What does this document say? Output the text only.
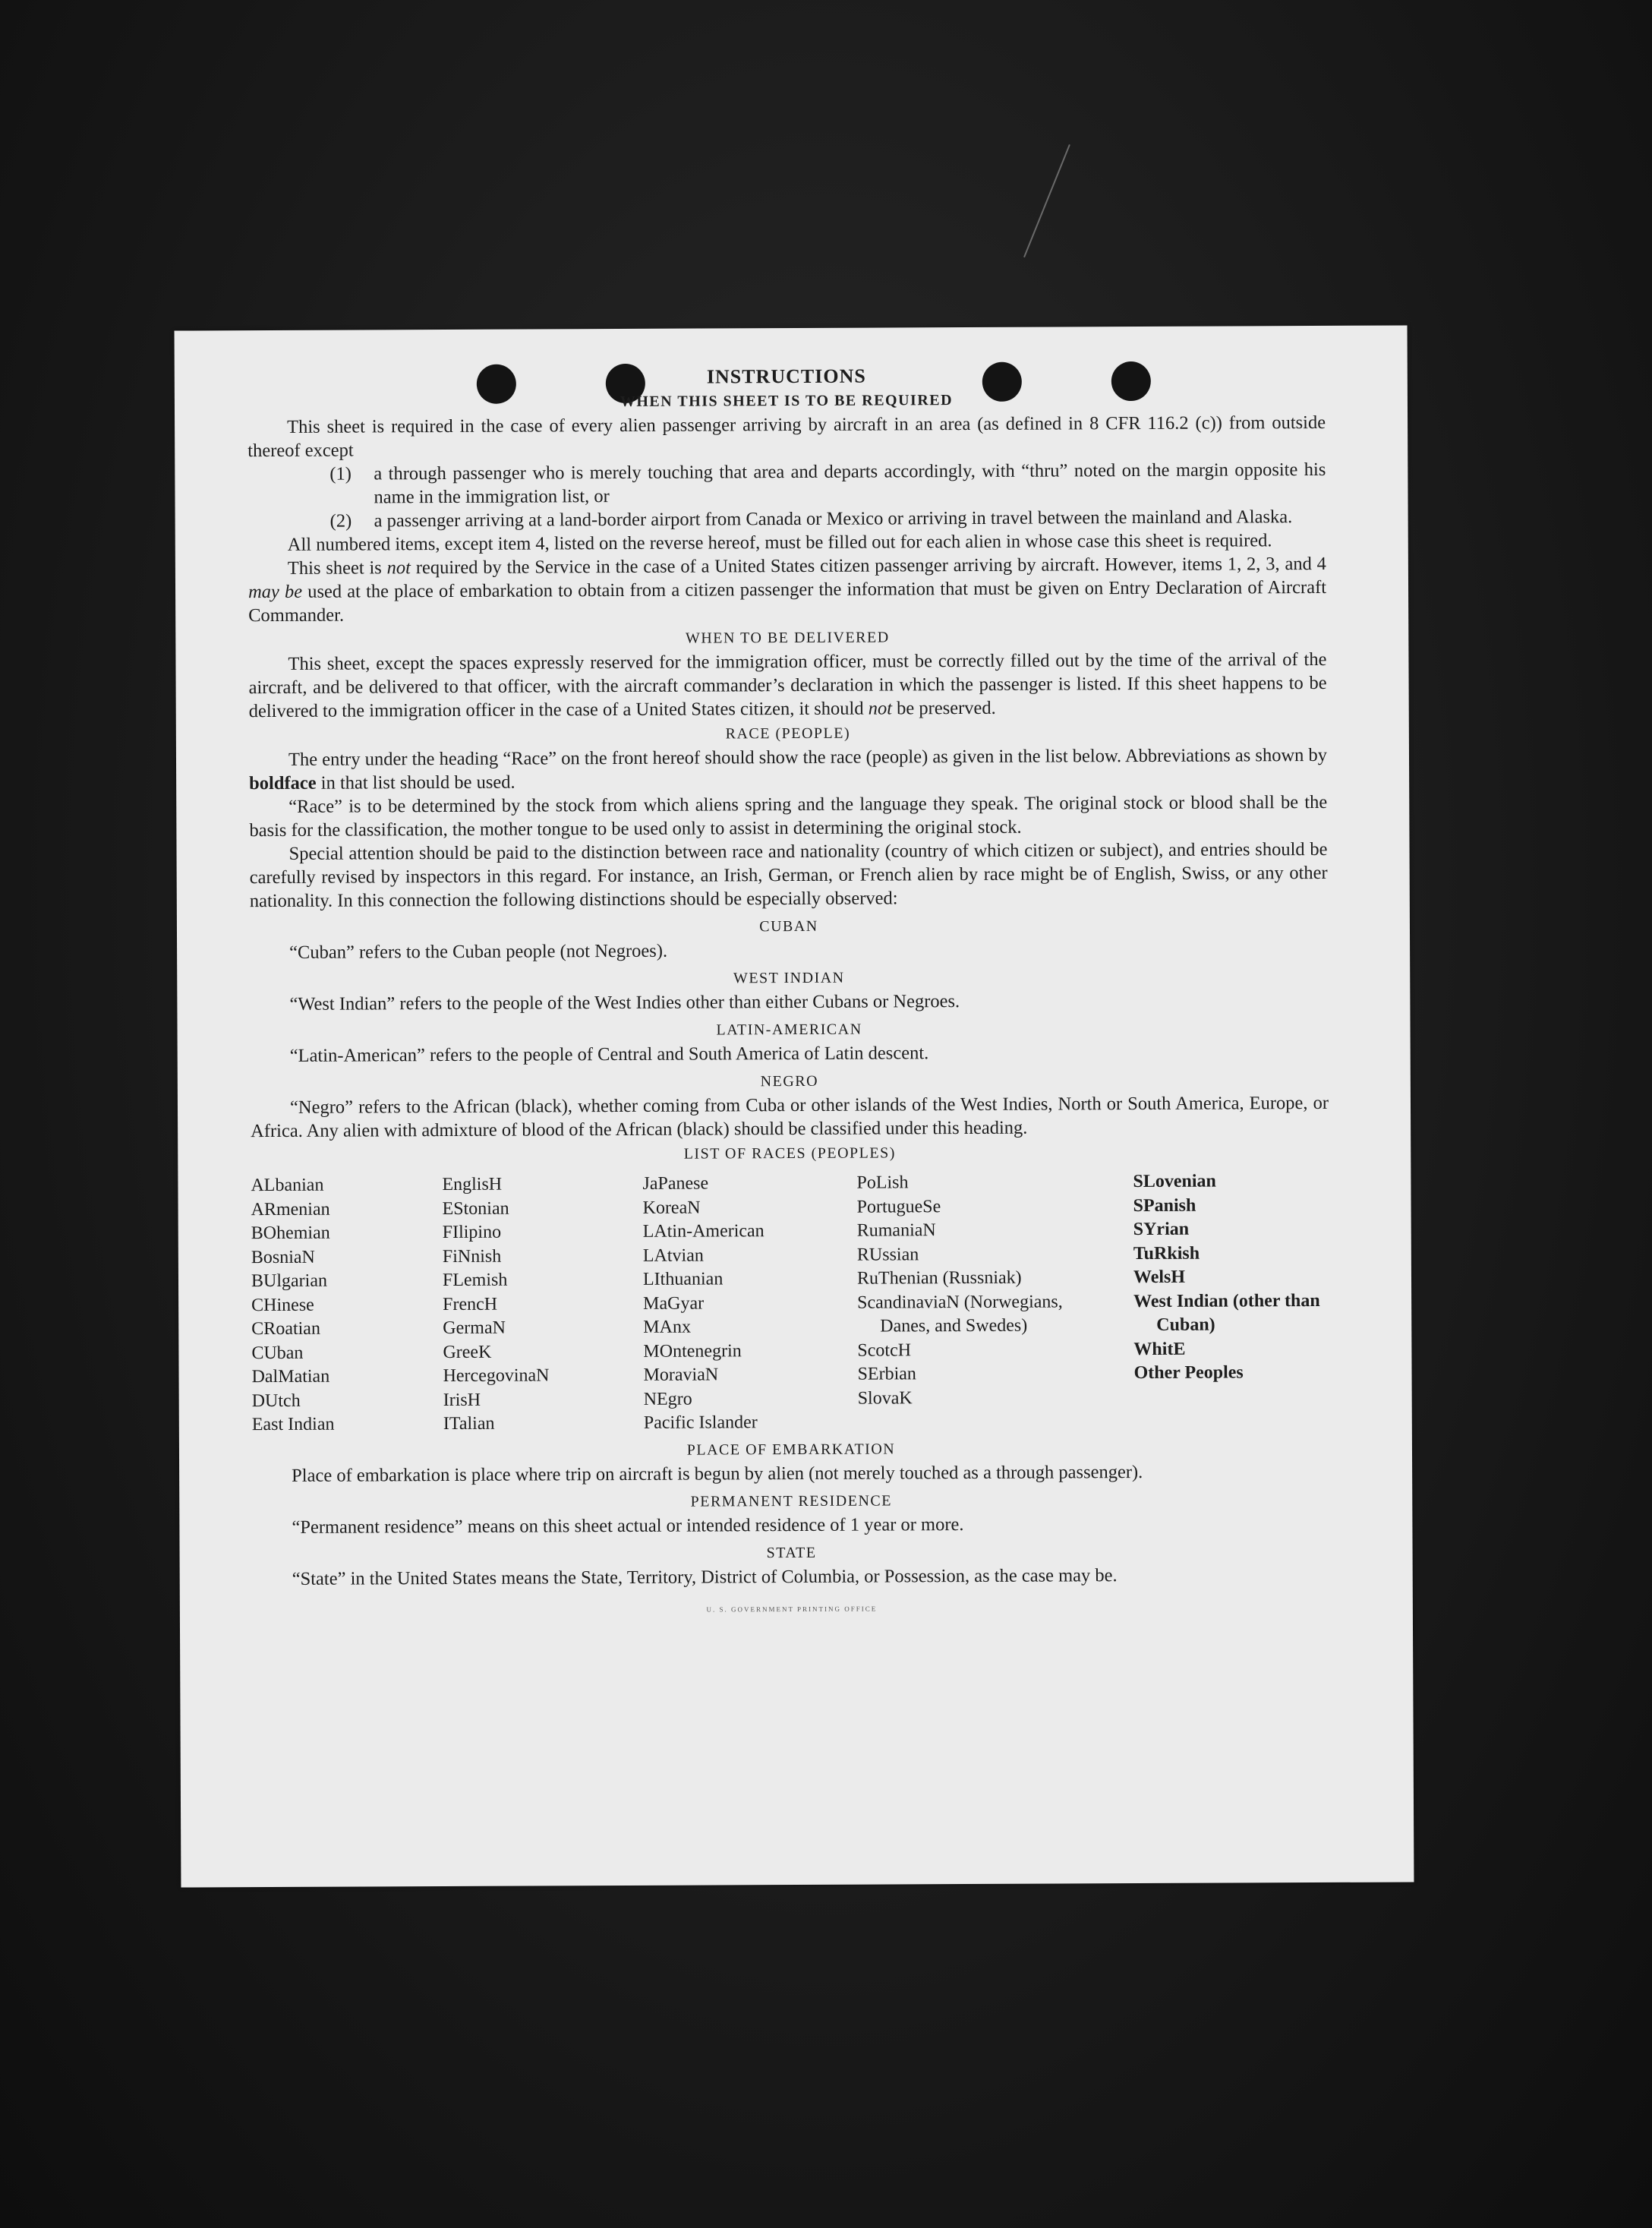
INSTRUCTIONS
WHEN THIS SHEET IS TO BE REQUIRED

This sheet is required in the case of every alien passenger arriving by aircraft in an area (as defined in 8 CFR 116.2 (c)) from outside thereof except

(1)	a through passenger who is merely touching that area and departs accordingly, with “thru” noted on the margin opposite his name in the immigration list, or
(2)	a passenger arriving at a land-border airport from Canada or Mexico or arriving in travel between the mainland and Alaska.

All numbered items, except item 4, listed on the reverse hereof, must be filled out for each alien in whose case this sheet is required.

This sheet is not required by the Service in the case of a United States citizen passenger arriving by aircraft. However, items 1, 2, 3, and 4 may be used at the place of embarkation to obtain from a citizen passenger the information that must be given on Entry Declaration of Aircraft Commander.

WHEN TO BE DELIVERED

This sheet, except the spaces expressly reserved for the immigration officer, must be correctly filled out by the time of the arrival of the aircraft, and be delivered to that officer, with the aircraft commander’s declaration in which the passenger is listed. If this sheet happens to be delivered to the immigration officer in the case of a United States citizen, it should not be preserved.

RACE (PEOPLE)

The entry under the heading “Race” on the front hereof should show the race (people) as given in the list below. Abbreviations as shown by boldface in that list should be used.

“Race” is to be determined by the stock from which aliens spring and the language they speak. The original stock or blood shall be the basis for the classification, the mother tongue to be used only to assist in determining the original stock.

Special attention should be paid to the distinction between race and nationality (country of which citizen or subject), and entries should be carefully revised by inspectors in this regard. For instance, an Irish, German, or French alien by race might be of English, Swiss, or any other nationality. In this connection the following distinctions should be especially observed:

CUBAN

“Cuban” refers to the Cuban people (not Negroes).

WEST INDIAN

“West Indian” refers to the people of the West Indies other than either Cubans or Negroes.

LATIN-AMERICAN

“Latin-American” refers to the people of Central and South America of Latin descent.

NEGRO

“Negro” refers to the African (black), whether coming from Cuba or other islands of the West Indies, North or South America, Europe, or Africa. Any alien with admixture of blood of the African (black) should be classified under this heading.

LIST OF RACES (PEOPLES)
ALbanian
ARmenian
BOhemian
BosniaN
BUlgarian
CHinese
CRoatian
CUban
DalMatian
DUtch
East Indian
EnglisH
EStonian
FIlipino
FiNnish
FLemish
FrencH
GermaN
GreeK
HercegovinaN
IrisH
ITalian
JaPanese
KoreaN
LAtin-American
LAtvian
LIthuanian
MaGyar
MAnx
MOntenegrin
MoraviaN
NEgro
Pacific Islander
PoLish
PortugueSe
RumaniaN
RUssian
RuThenian (Russniak)
ScandinaviaN (Norwegians, Danes, and Swedes)
ScotcH
SErbian
SlovaK
SLovenian
SPanish
SYrian
TuRkish
WelsH
West Indian (other than Cuban)
WhitE
Other Peoples
PLACE OF EMBARKATION

Place of embarkation is place where trip on aircraft is begun by alien (not merely touched as a through passenger).

PERMANENT RESIDENCE

“Permanent residence” means on this sheet actual or intended residence of 1 year or more.

STATE

“State” in the United States means the State, Territory, District of Columbia, or Possession, as the case may be.

U. S. GOVERNMENT PRINTING OFFICE
